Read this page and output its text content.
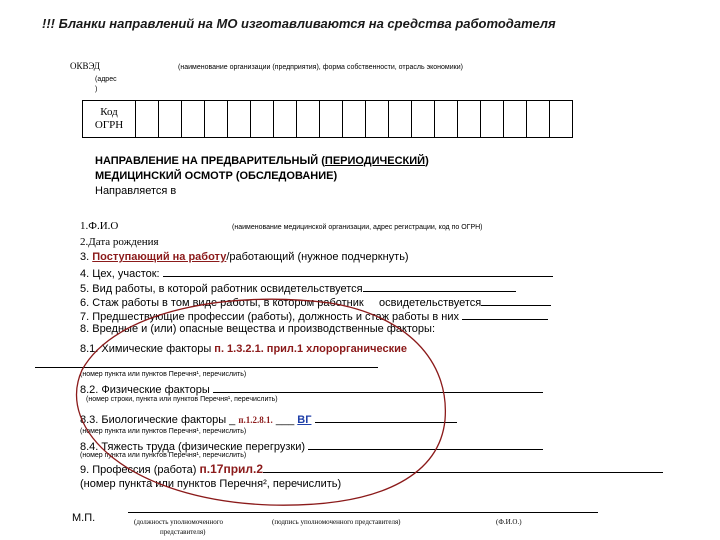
!!! Бланки направлений на МО изготавливаются на средства работодателя
ОКВЭД	(наименование организации (предприятия), форма собственности, отрасль экономики)
(адрес
)
Код
ОГРН

НАПРАВЛЕНИЕ НА ПРЕДВАРИТЕЛЬНЫЙ (ПЕРИОДИЧЕСКИЙ)
МЕДИЦИНСКИЙ ОСМОТР (ОБСЛЕДОВАНИЕ)
Направляется в
1.Ф.И.О	(наименование медицинской организации, адрес регистрации, код по ОГРН)
2.Дата рождения
3. Поступающий на работу/работающий (нужное подчеркнуть)
4. Цех, участок:
5. Вид работы, в которой работник освидетельствуется
6. Стаж работы в том виде работы, в котором работник     освидетельствуется
7. Предшествующие профессии (работы), должность и стаж работы в них
8. Вредные и (или) опасные вещества и производственные факторы:
8.1. Химические факторы п. 1.3.2.1. прил.1 хлорорганические
(номер пункта или пунктов Перечня¹, перечислить)
8.2. Физические факторы
(номер строки, пункта или пунктов Перечня¹, перечислить)
8.3. Биологические факторы _ п.1.2.8.1. ___ ВГ
(номер пункта или пунктов Перечня¹, перечислить)
8.4. Тяжесть труда (физические перегрузки)
(номер пункта или пунктов Перечня¹, перечислить)
9. Профессия (работа) п.17прил.2
(номер пункта или пунктов Перечня², перечислить)
М.П.	(должность уполномоченного
представителя)
(подпись уполномоченного представителя)	(Ф.И.О.)
